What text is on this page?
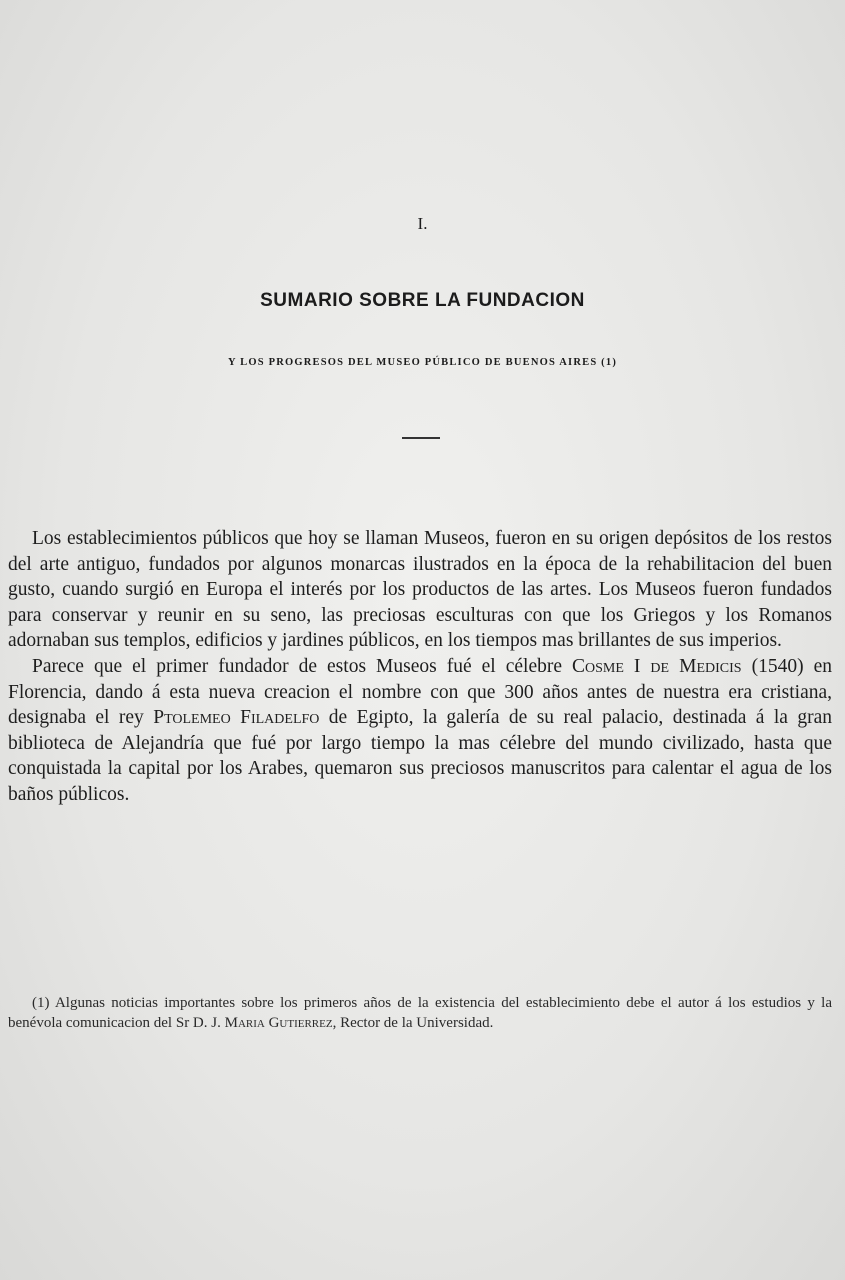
I.
SUMARIO SOBRE LA FUNDACION
Y LOS PROGRESOS DEL MUSEO PÚBLICO DE BUENOS AIRES (1)

Los establecimientos públicos que hoy se llaman Museos, fueron en su origen depósitos de los restos del arte antiguo, fundados por algunos monarcas ilustrados en la época de la rehabilitacion del buen gusto, cuando surgió en Europa el interés por los productos de las artes. Los Museos fueron fundados para conservar y reunir en su seno, las preciosas esculturas con que los Griegos y los Romanos adornaban sus templos, edificios y jardines públicos, en los tiempos mas brillantes de sus imperios.

Parece que el primer fundador de estos Museos fué el célebre Cosme I de Medicis (1540) en Florencia, dando á esta nueva creacion el nombre con que 300 años antes de nuestra era cristiana, designaba el rey Ptolemeo Filadelfo de Egipto, la galería de su real palacio, destinada á la gran biblioteca de Alejandría que fué por largo tiempo la mas célebre del mundo civilizado, hasta que conquistada la capital por los Arabes, quemaron sus preciosos manuscritos para calentar el agua de los baños públicos.

(1) Algunas noticias importantes sobre los primeros años de la existencia del establecimiento debe el autor á los estudios y la benévola comunicacion del Sr D. J. Maria Gutierrez, Rector de la Universidad.
